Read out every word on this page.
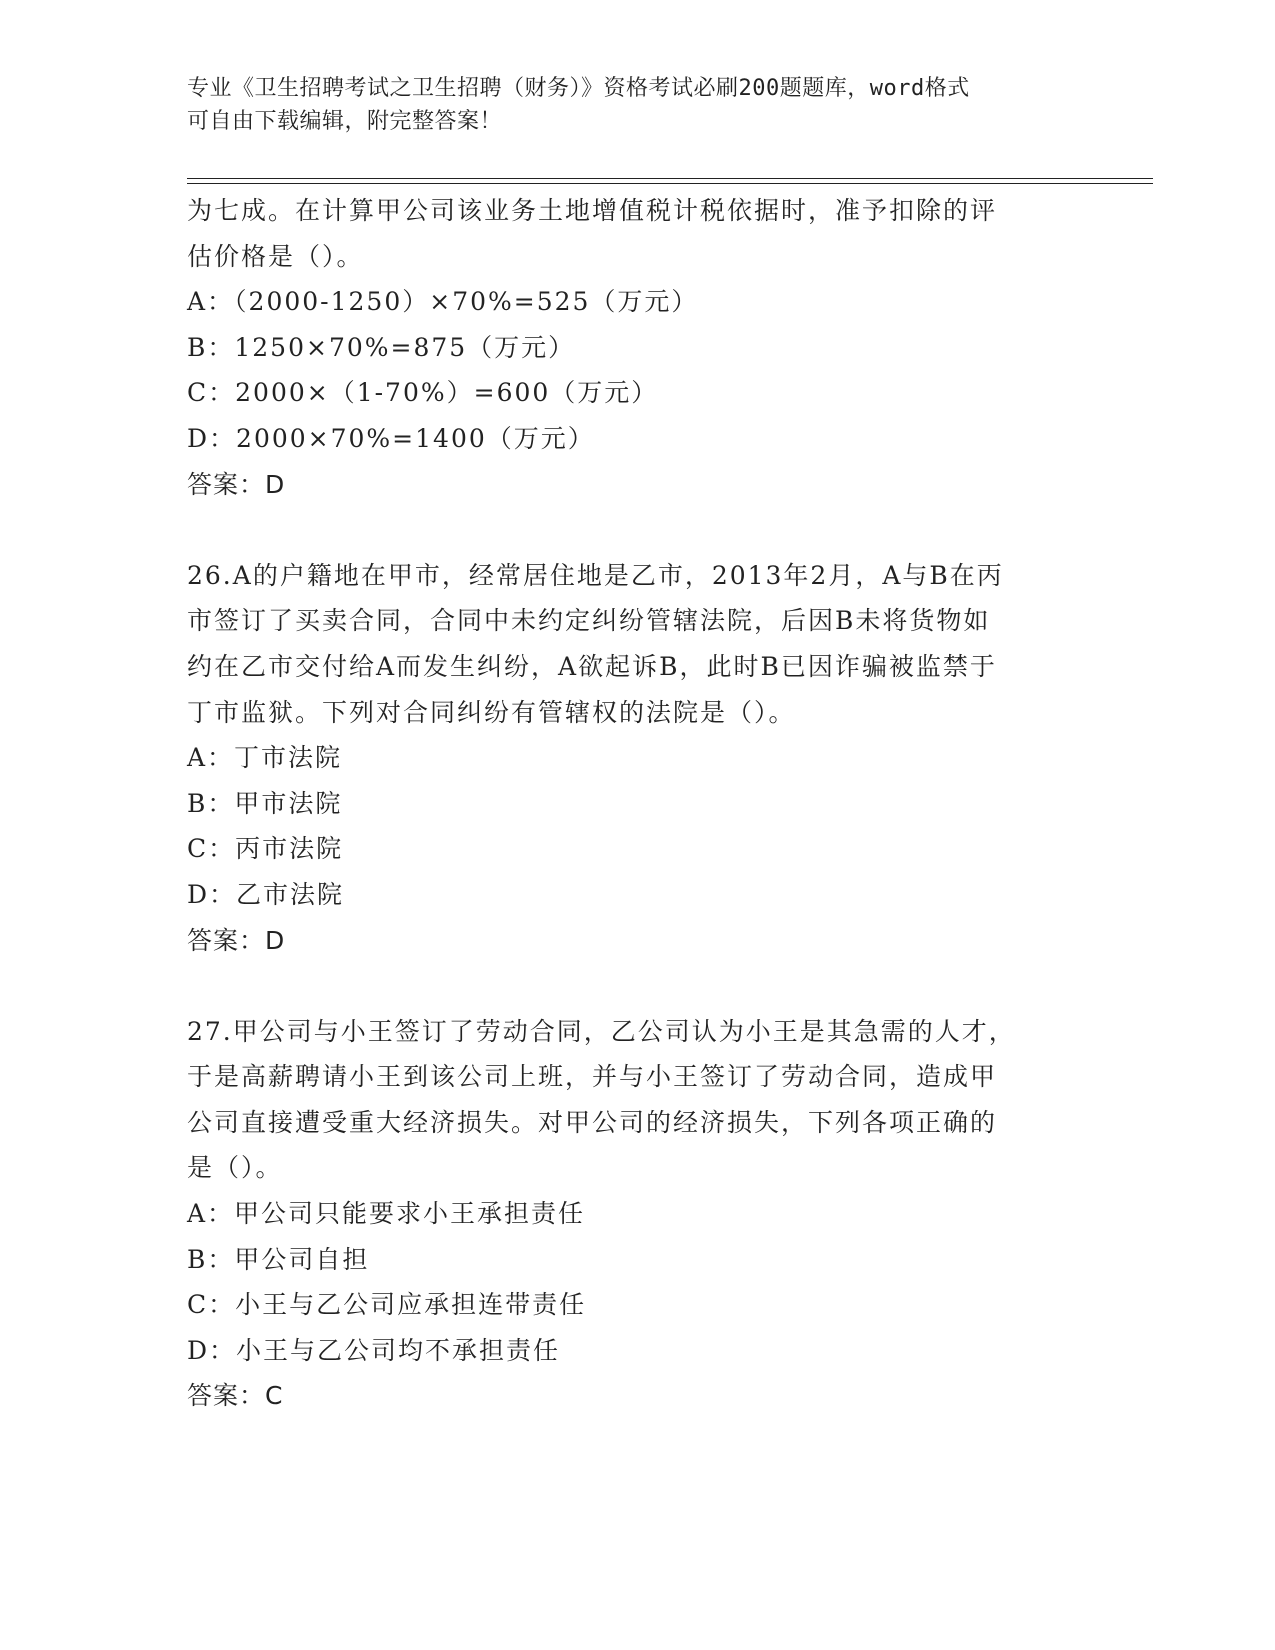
专业《卫生招聘考试之卫生招聘（财务）》资格考试必刷200题题库，word格式
可自由下载编辑，附完整答案！
为七成。在计算甲公司该业务土地增值税计税依据时，准予扣除的评
估价格是（）。
A：（2000-1250）×70%=525（万元）
B：1250×70%=875（万元）
C：2000×（1-70%）=600（万元）
D：2000×70%=1400（万元）
答案：D
26.A的户籍地在甲市，经常居住地是乙市，2013年2月，A与B在丙
市签订了买卖合同，合同中未约定纠纷管辖法院，后因B未将货物如
约在乙市交付给A而发生纠纷，A欲起诉B，此时B已因诈骗被监禁于
丁市监狱。下列对合同纠纷有管辖权的法院是（）。
A：丁市法院
B：甲市法院
C：丙市法院
D：乙市法院
答案：D
27.甲公司与小王签订了劳动合同，乙公司认为小王是其急需的人才，
于是高薪聘请小王到该公司上班，并与小王签订了劳动合同，造成甲
公司直接遭受重大经济损失。对甲公司的经济损失，下列各项正确的
是（）。
A：甲公司只能要求小王承担责任
B：甲公司自担
C：小王与乙公司应承担连带责任
D：小王与乙公司均不承担责任
答案：C
